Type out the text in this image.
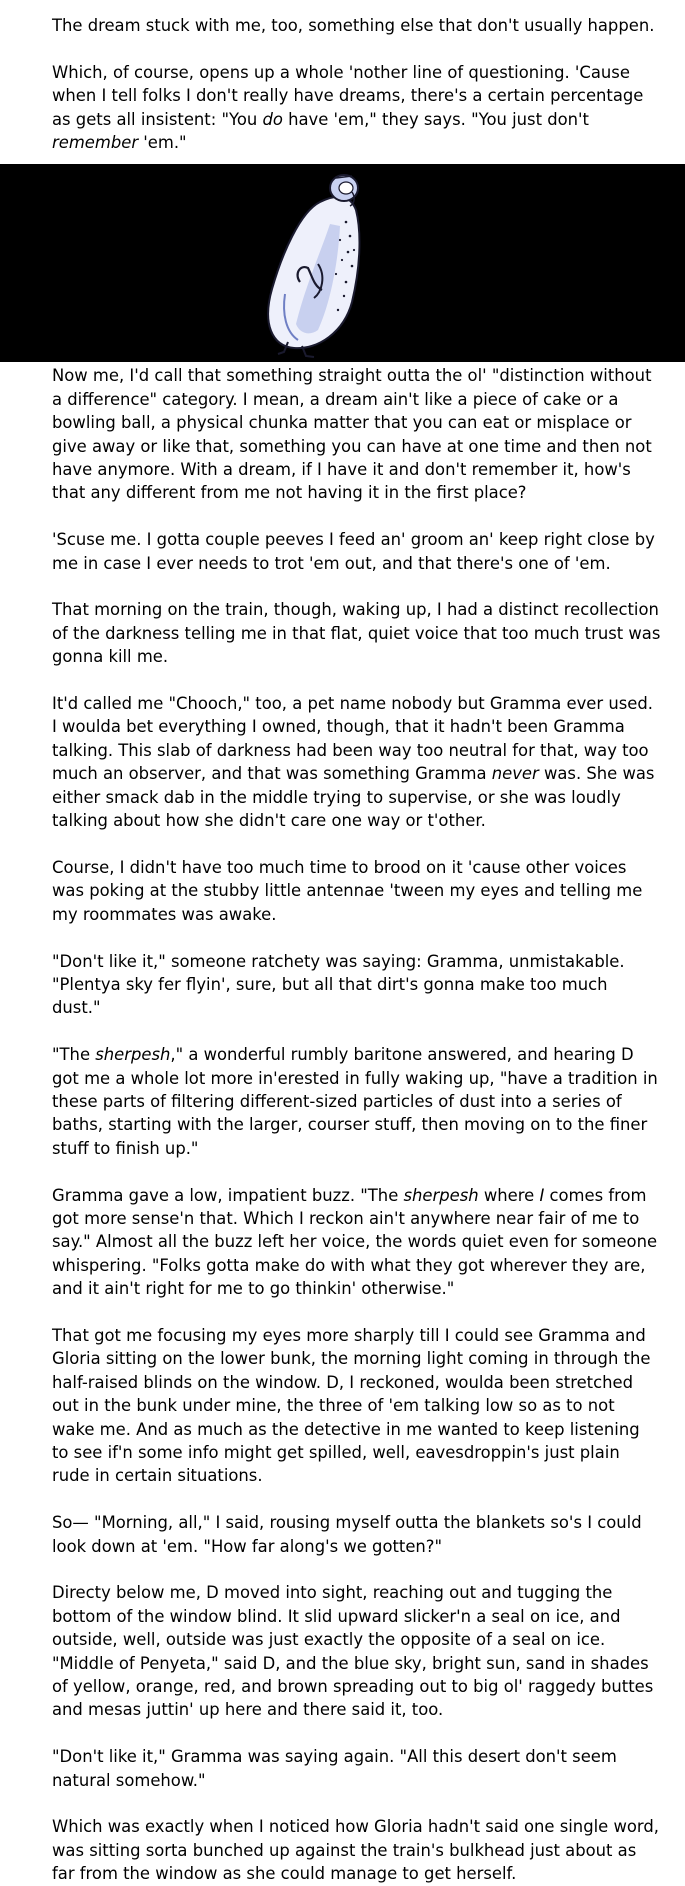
The dream stuck with me, too, something else that don't usually happen.

Which, of course, opens up a whole 'nother line of questioning. 'Cause when I tell folks I don't really have dreams, there's a certain percentage as gets all insistent: "You do have 'em," they says. "You just don't remember 'em."

Now me, I'd call that something straight outta the ol' "distinction without a difference" category. I mean, a dream ain't like a piece of cake or a bowling ball, a physical chunka matter that you can eat or misplace or give away or like that, something you can have at one time and then not have anymore. With a dream, if I have it and don't remember it, how's that any different from me not having it in the first place?

'Scuse me. I gotta couple peeves I feed an' groom an' keep right close by me in case I ever needs to trot 'em out, and that there's one of 'em.

That morning on the train, though, waking up, I had a distinct recollection of the darkness telling me in that flat, quiet voice that too much trust was gonna kill me.

It'd called me "Chooch," too, a pet name nobody but Gramma ever used. I woulda bet everything I owned, though, that it hadn't been Gramma talking. This slab of darkness had been way too neutral for that, way too much an observer, and that was something Gramma never was. She was either smack dab in the middle trying to supervise, or she was loudly talking about how she didn't care one way or t'other.

Course, I didn't have too much time to brood on it 'cause other voices was poking at the stubby little antennae 'tween my eyes and telling me my roommates was awake.

"Don't like it," someone ratchety was saying: Gramma, unmistakable. "Plentya sky fer flyin', sure, but all that dirt's gonna make too much dust."

"The sherpesh," a wonderful rumbly baritone answered, and hearing D got me a whole lot more in'erested in fully waking up, "have a tradition in these parts of filtering different-sized particles of dust into a series of baths, starting with the larger, courser stuff, then moving on to the finer stuff to finish up."

Gramma gave a low, impatient buzz. "The sherpesh where I comes from got more sense'n that. Which I reckon ain't anywhere near fair of me to say." Almost all the buzz left her voice, the words quiet even for someone whispering. "Folks gotta make do with what they got wherever they are, and it ain't right for me to go thinkin' otherwise."

That got me focusing my eyes more sharply till I could see Gramma and Gloria sitting on the lower bunk, the morning light coming in through the half-raised blinds on the window. D, I reckoned, woulda been stretched out in the bunk under mine, the three of 'em talking low so as to not wake me. And as much as the detective in me wanted to keep listening to see if'n some info might get spilled, well, eavesdroppin's just plain rude in certain situations.

So— "Morning, all," I said, rousing myself outta the blankets so's I could look down at 'em. "How far along's we gotten?"

Directy below me, D moved into sight, reaching out and tugging the bottom of the window blind. It slid upward slicker'n a seal on ice, and outside, well, outside was just exactly the opposite of a seal on ice. "Middle of Penyeta," said D, and the blue sky, bright sun, sand in shades of yellow, orange, red, and brown spreading out to big ol' raggedy buttes and mesas juttin' up here and there said it, too.

"Don't like it," Gramma was saying again. "All this desert don't seem natural somehow."

Which was exactly when I noticed how Gloria hadn't said one single word, was sitting sorta bunched up against the train's bulkhead just about as far from the window as she could manage to get herself.
